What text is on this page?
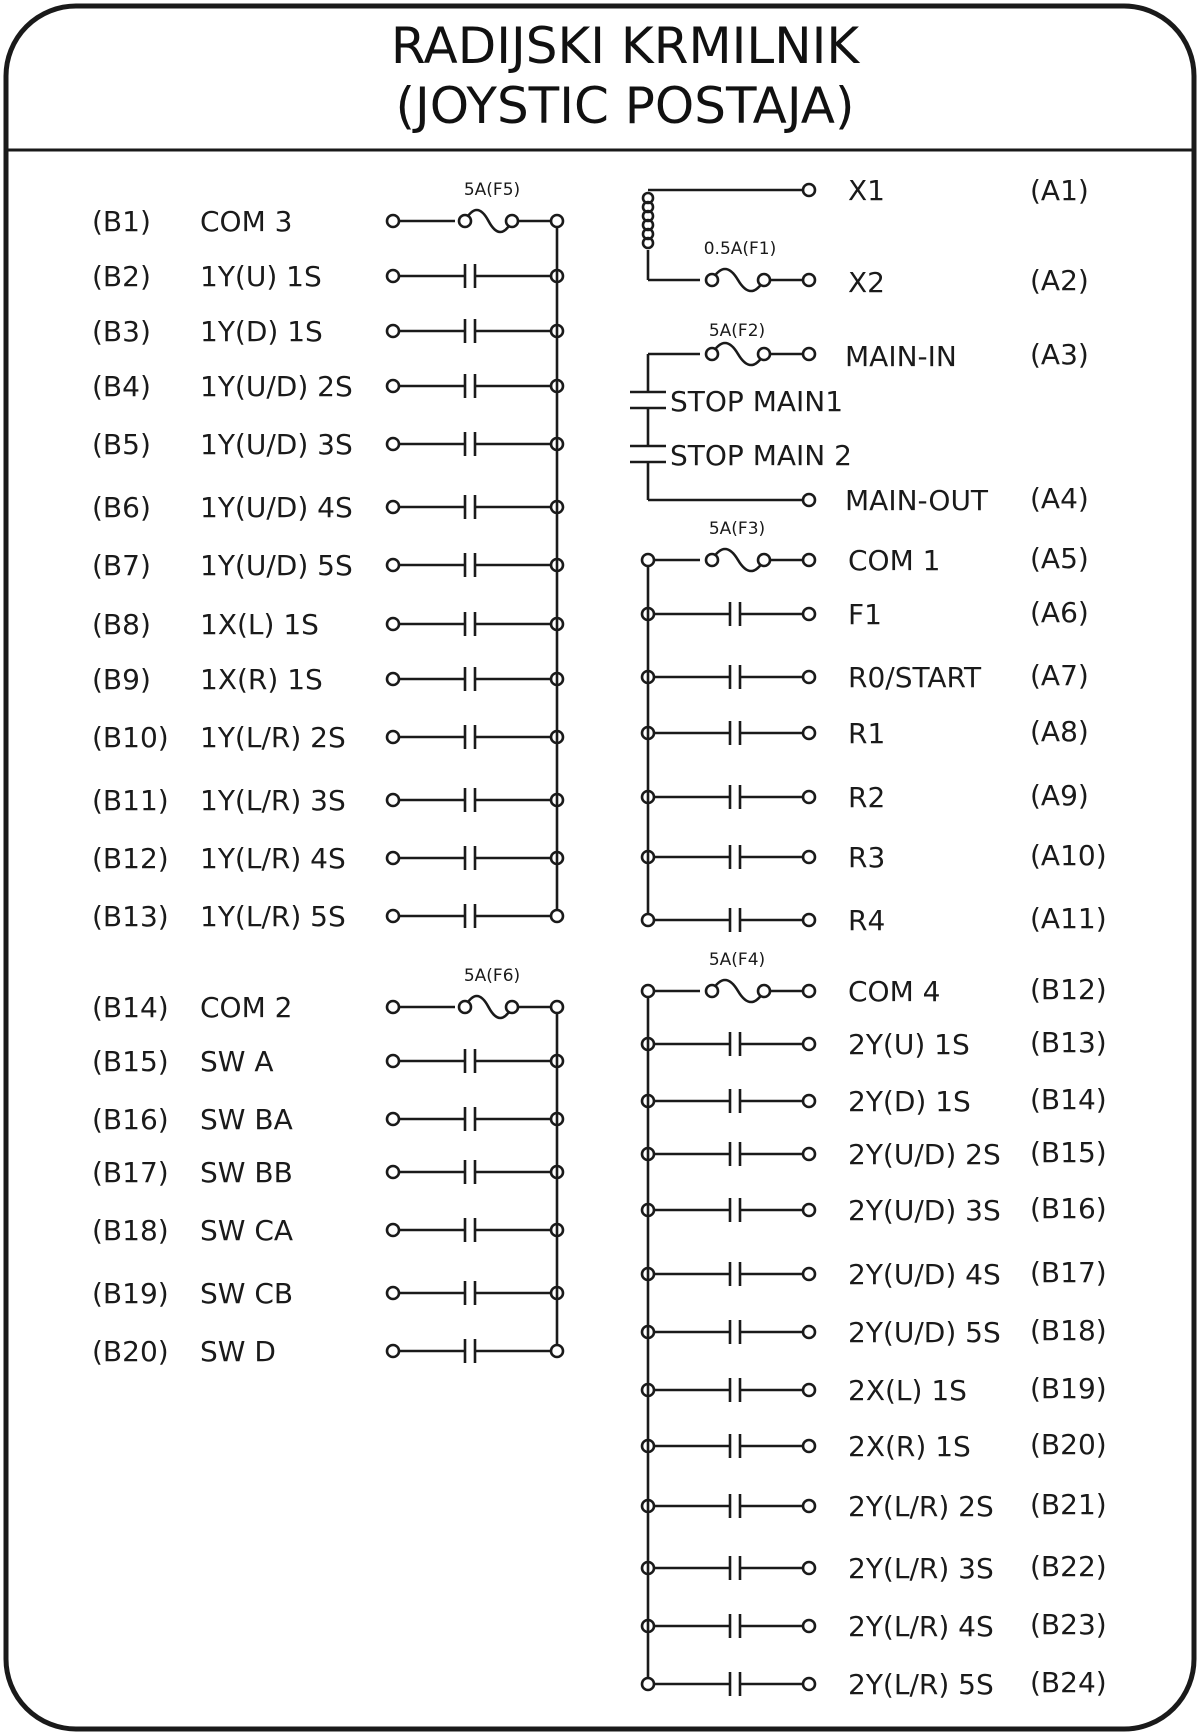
RADIJSKI KRMILNIK
(JOYSTIC POSTAJA)
(B1) COM 3
5A(F5)
(B2) 1Y(U) 1S
(B3) 1Y(D) 1S
(B4) 1Y(U/D) 2S
(B5) 1Y(U/D) 3S
(B6) 1Y(U/D) 4S
(B7) 1Y(U/D) 5S
(B8) 1X(L) 1S
(B9) 1X(R) 1S
(B10) 1Y(L/R) 2S
(B11) 1Y(L/R) 3S
(B12) 1Y(L/R) 4S
(B13) 1Y(L/R) 5S
(B14) COM 2
5A(F6)
(B15) SW A
(B16) SW BA
(B17) SW BB
(B18) SW CA
(B19) SW CB
(B20) SW D
0.5A(F1)
X1	(A1)
X2	(A2)
5A(F2)
MAIN-IN	(A3)
STOP MAIN1
STOP MAIN 2
MAIN-OUT (A4)
5A(F3)
COM 1	(A5)
F1	(A6)
R0/START (A7)
R1	(A8)
R2	(A9)
R3	(A10)
R4	(A11)
5A(F4)
COM 4	(B12)
2Y(U) 1S (B13)
2Y(D) 1S (B14)
2Y(U/D) 2S (B15)
2Y(U/D) 3S (B16)
2Y(U/D) 4S (B17)
2Y(U/D) 5S (B18)
2X(L) 1S (B19)
2X(R) 1S (B20)
2Y(L/R) 2S (B21)
2Y(L/R) 3S (B22)
2Y(L/R) 4S (B23)
2Y(L/R) 5S (B24)
